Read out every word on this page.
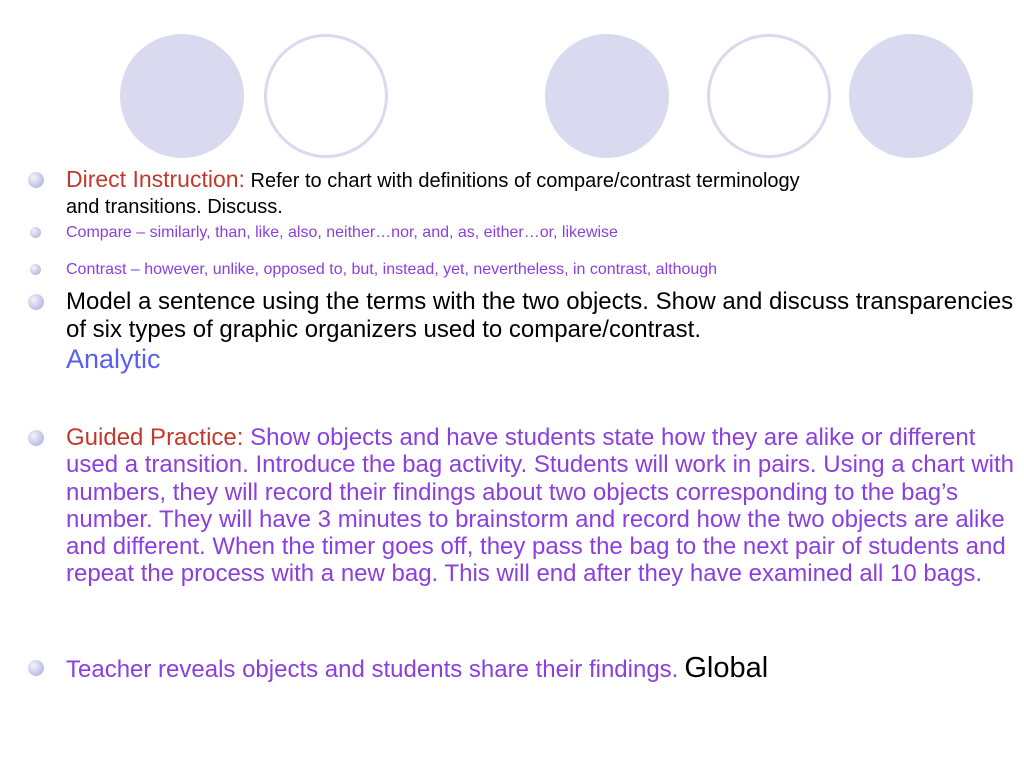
Direct Instruction: Refer to chart with definitions of compare/contrast terminology
and transitions. Discuss.
Compare – similarly, than, like, also, neither…nor, and, as, either…or, likewise
Contrast – however, unlike, opposed to, but, instead, yet, nevertheless, in contrast, although
Model a sentence using the terms with the two objects. Show and discuss transparencies of six types of graphic organizers used to compare/contrast.
Analytic
Guided Practice: Show objects and have students state how they are alike or different used a transition. Introduce the bag activity. Students will work in pairs. Using a chart with numbers, they will record their findings about two objects corresponding to the bag’s number. They will have 3 minutes to brainstorm and record how the two objects are alike and different. When the timer goes off, they pass the bag to the next pair of students and repeat the process with a new bag. This will end after they have examined all 10 bags.
Teacher reveals objects and students share their findings. Global
